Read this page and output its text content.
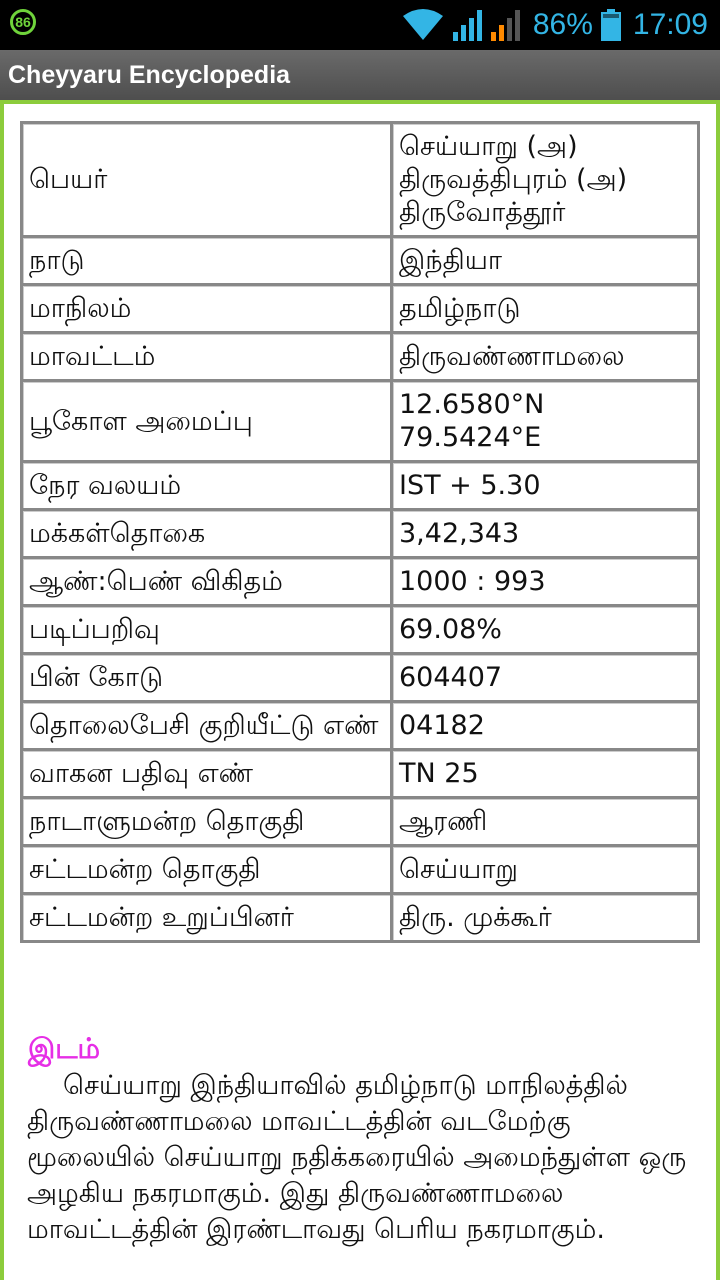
86	86% 17:09
Cheyyaru Encyclopedia
பெயர்	செய்யாறு (அ) திருவத்திபுரம் (அ) திருவோத்தூர்
நாடு	இந்தியா
மாநிலம்	தமிழ்நாடு
மாவட்டம்	திருவண்ணாமலை
பூகோள அமைப்பு	12.6580°N 79.5424°E
நேர வலயம்	IST + 5.30
மக்கள்தொகை	3,42,343
ஆண்:பெண் விகிதம்	1000 : 993
படிப்பறிவு	69.08%
பின் கோடு	604407
தொலைபேசி குறியீட்டு எண்	04182
வாகன பதிவு எண்	TN 25
நாடாளுமன்ற தொகுதி	ஆரணி
சட்டமன்ற தொகுதி	செய்யாறு
சட்டமன்ற உறுப்பினர்	திரு. முக்கூர்
இடம்
செய்யாறு இந்தியாவில் தமிழ்நாடு மாநிலத்தில் திருவண்ணாமலை மாவட்டத்தின் வடமேற்கு மூலையில் செய்யாறு நதிக்கரையில் அமைந்துள்ள ஒரு அழகிய நகரமாகும். இது திருவண்ணாமலை மாவட்டத்தின் இரண்டாவது பெரிய நகரமாகும்.
